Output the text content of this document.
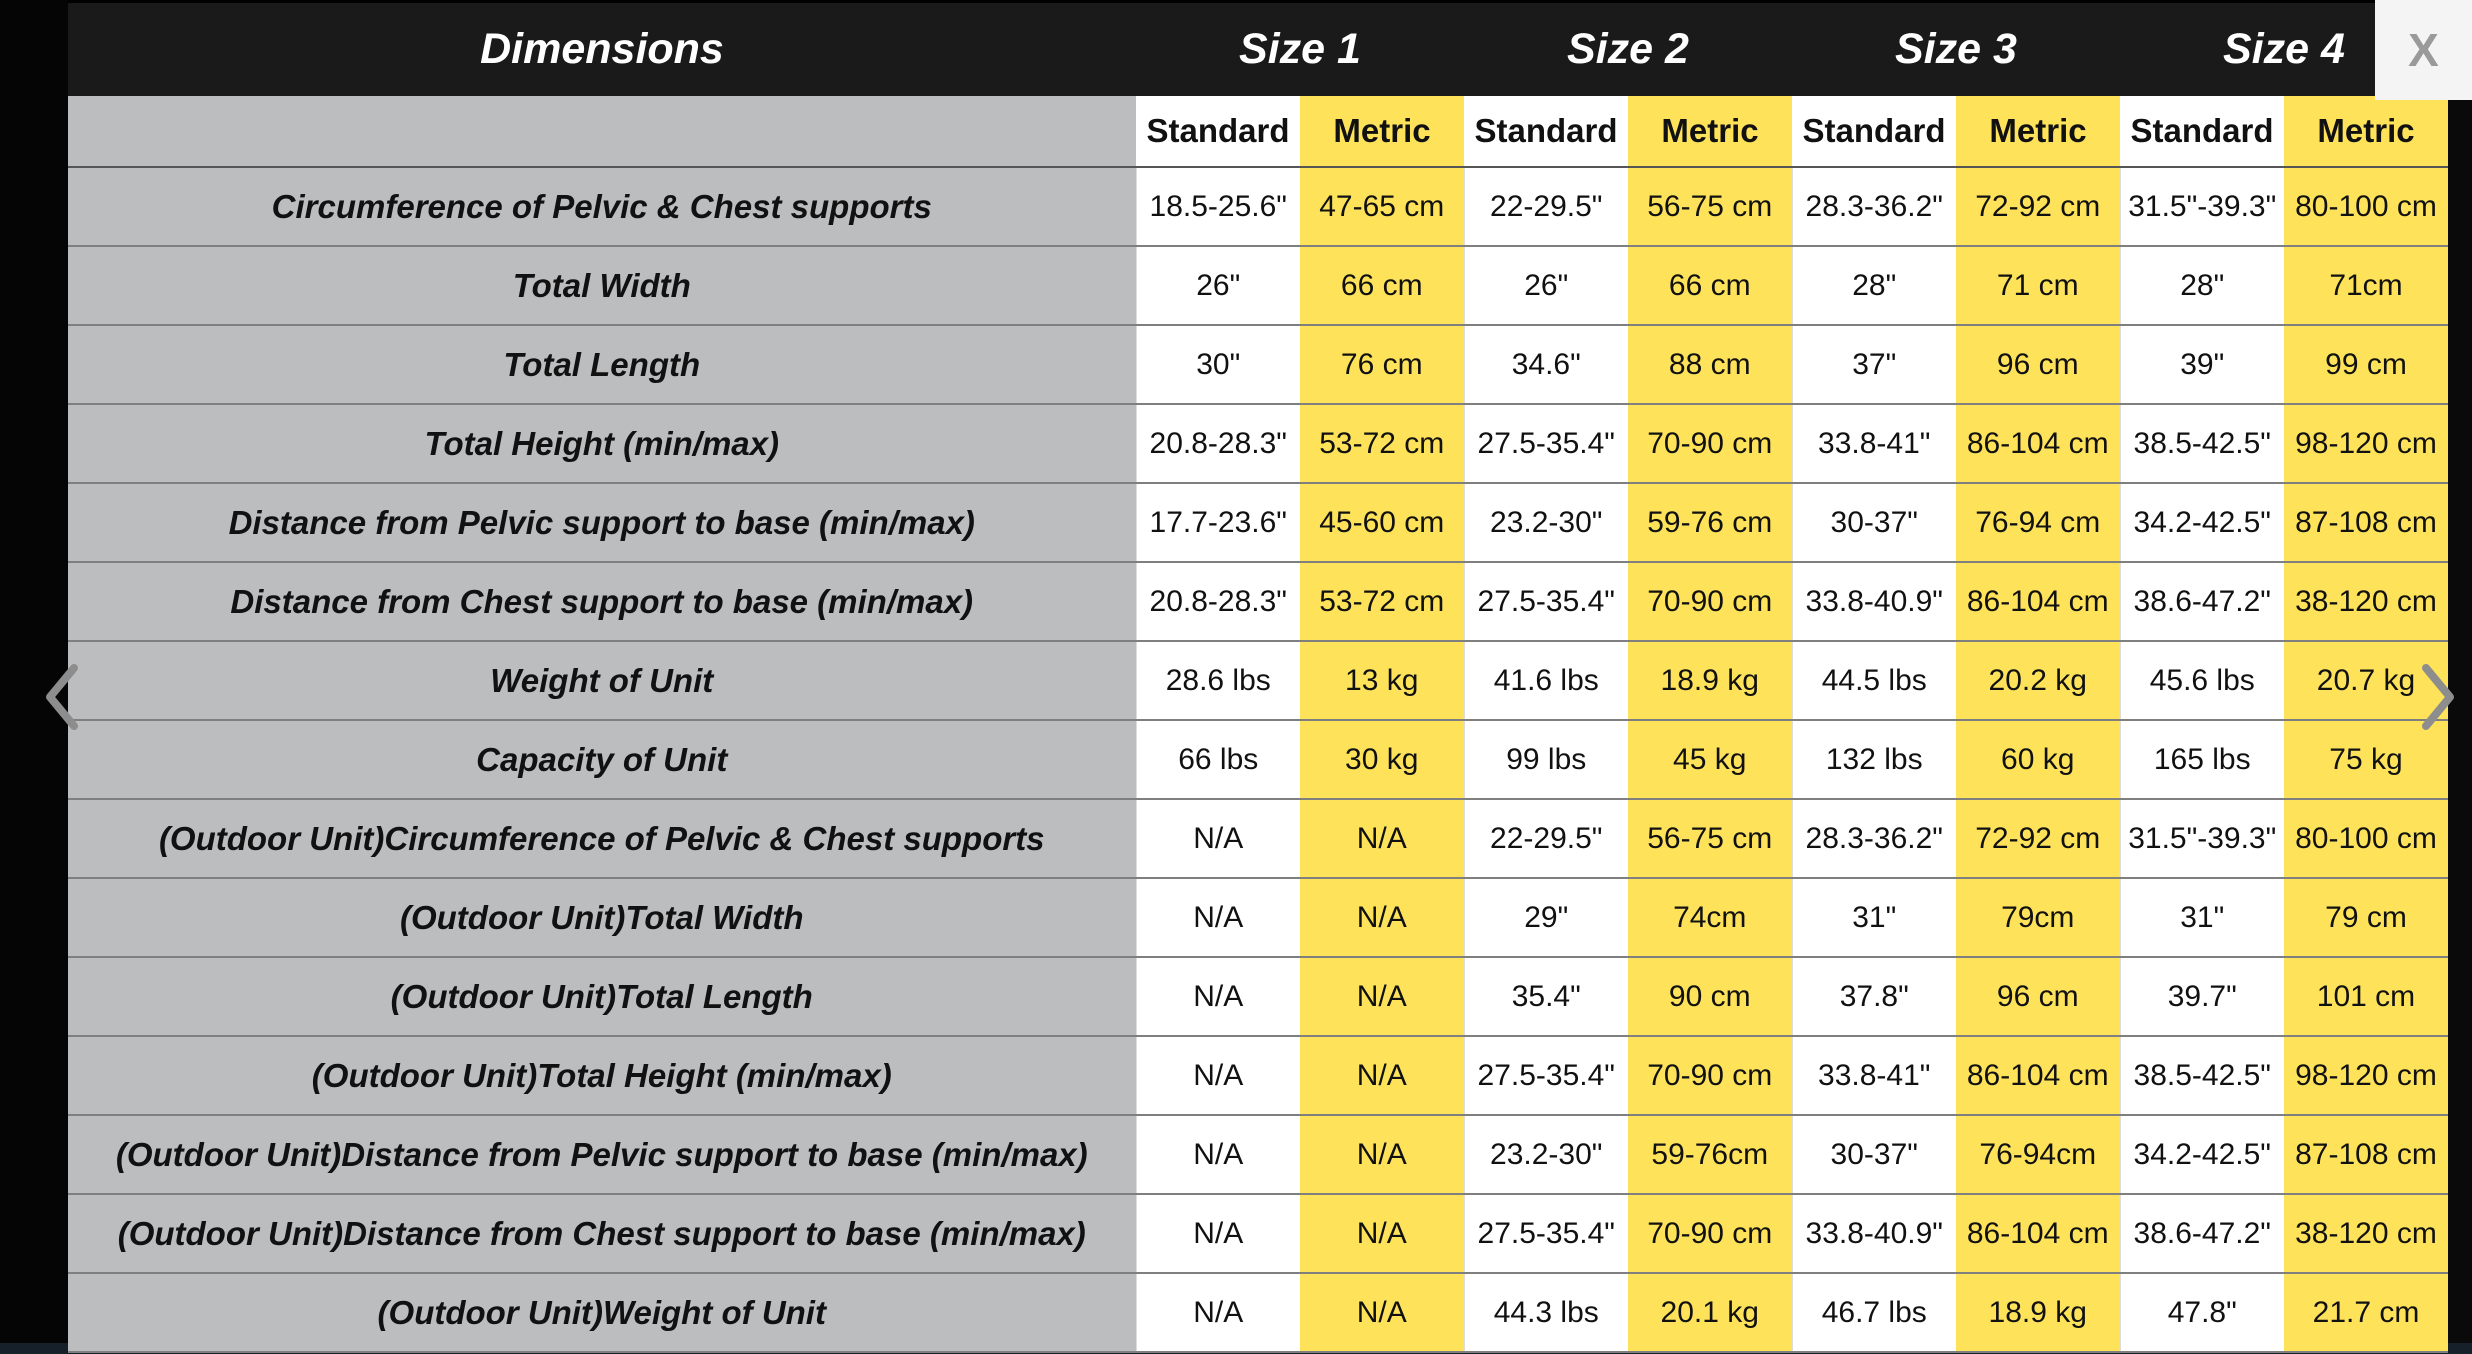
Dimensions	Size 1		Size 2		Size 3		Size 4	
	Standard	Metric	Standard	Metric	Standard	Metric	Standard	Metric
Circumference of Pelvic & Chest supports	18.5-25.6"	47-65 cm	22-29.5"	56-75 cm	28.3-36.2"	72-92 cm	31.5"-39.3"	80-100 cm
Total Width	26"	66 cm	26"	66 cm	28"	71 cm	28"	71cm
Total Length	30"	76 cm	34.6"	88 cm	37"	96 cm	39"	99 cm
Total Height (min/max)	20.8-28.3"	53-72 cm	27.5-35.4"	70-90 cm	33.8-41"	86-104 cm	38.5-42.5"	98-120 cm
Distance from Pelvic support to base (min/max)	17.7-23.6"	45-60 cm	23.2-30"	59-76 cm	30-37"	76-94 cm	34.2-42.5"	87-108 cm
Distance from Chest support to base (min/max)	20.8-28.3"	53-72 cm	27.5-35.4"	70-90 cm	33.8-40.9"	86-104 cm	38.6-47.2"	38-120 cm
Weight of Unit	28.6 lbs	13 kg	41.6 lbs	18.9 kg	44.5 lbs	20.2 kg	45.6 lbs	20.7 kg
Capacity of Unit	66 lbs	30 kg	99 lbs	45 kg	132 lbs	60 kg	165 lbs	75 kg
(Outdoor Unit)Circumference of Pelvic & Chest supports	N/A	N/A	22-29.5"	56-75 cm	28.3-36.2"	72-92 cm	31.5"-39.3"	80-100 cm
(Outdoor Unit)Total Width	N/A	N/A	29"	74cm	31"	79cm	31"	79 cm
(Outdoor Unit)Total Length	N/A	N/A	35.4"	90 cm	37.8"	96 cm	39.7"	101 cm
(Outdoor Unit)Total Height (min/max)	N/A	N/A	27.5-35.4"	70-90 cm	33.8-41"	86-104 cm	38.5-42.5"	98-120 cm
(Outdoor Unit)Distance from Pelvic support to base (min/max)	N/A	N/A	23.2-30"	59-76cm	30-37"	76-94cm	34.2-42.5"	87-108 cm
(Outdoor Unit)Distance from Chest support to base (min/max)	N/A	N/A	27.5-35.4"	70-90 cm	33.8-40.9"	86-104 cm	38.6-47.2"	38-120 cm
(Outdoor Unit)Weight of Unit	N/A	N/A	44.3 lbs	20.1 kg	46.7 lbs	18.9 kg	47.8"	21.7 cm
X
